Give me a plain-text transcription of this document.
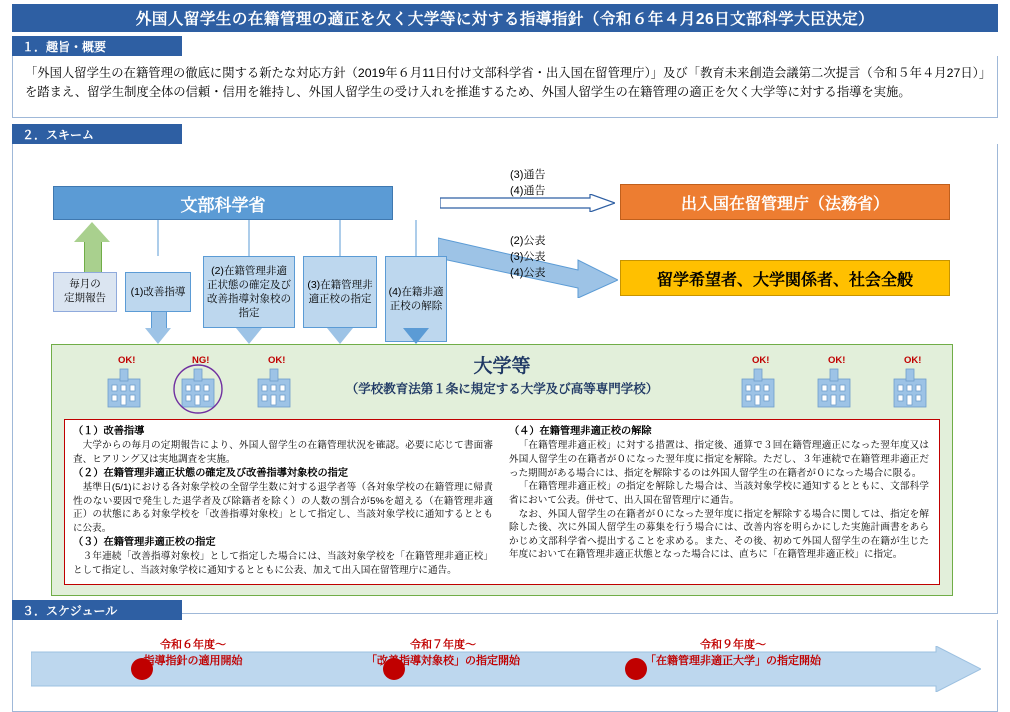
外国人留学生の在籍管理の適正を欠く大学等に対する指導指針（令和６年４月26日文部科学大臣決定）
１．趣旨・概要
「外国人留学生の在籍管理の徹底に関する新たな対応方針（2019年６月11日付け文部科学省・出入国在留管理庁）」及び「教育未来創造会議第二次提言（令和５年４月27日）」を踏まえ、留学生制度全体の信頼・信用を維持し、外国人留学生の受け入れを推進するため、外国人留学生の在籍管理の適正を欠く大学等に対する指導を実施。
２．スキーム
文部科学省	出入国在留管理庁（法務省）
留学希望者、大学関係者、社会全般
(3)通告
(4)通告
(2)公表
(3)公表
(4)公表
毎月の
定期報告
(1)改善指導
(2)在籍管理非適正状態の確定及び改善指導対象校の指定
(3)在籍管理非適正校の指定
(4)在籍非適正校の解除
大学等
（学校教育法第１条に規定する大学及び高等専門学校）
OK!	NG!	OK!	OK!	OK!	OK!
（１）改善指導
大学からの毎月の定期報告により、外国人留学生の在籍管理状況を確認。必要に応じて書面審査、ヒアリング又は実地調査を実施。
（２）在籍管理非適正状態の確定及び改善指導対象校の指定
基準日(5/1)における各対象学校の全留学生数に対する退学者等（各対象学校の在籍管理に帰責性のない要因で発生した退学者及び除籍者を除く）の人数の割合が5%を超える（在籍管理非適正）の状態にある対象学校を「改善指導対象校」として指定し、当該対象学校に通知するとともに公表。
（３）在籍管理非適正校の指定
３年連続「改善指導対象校」として指定した場合には、当該対象学校を「在籍管理非適正校」として指定し、当該対象学校に通知するとともに公表、加えて出入国在留管理庁に通告。
（４）在籍管理非適正校の解除
「在籍管理非適正校」に対する措置は、指定後、通算で３回在籍管理適正になった翌年度又は外国人留学生の在籍者が０になった翌年度に指定を解除。ただし、３年連続で在籍管理非適正だった期間がある場合には、指定を解除するのは外国人留学生の在籍者が０になった場合に限る。
「在籍管理非適正校」の指定を解除した場合は、当該対象学校に通知するとともに、文部科学省において公表。併せて、出入国在留管理庁に通告。
なお、外国人留学生の在籍者が０になった翌年度に指定を解除する場合に関しては、指定を解除した後、次に外国人留学生の募集を行う場合には、改善内容を明らかにした実施計画書をあらかじめ文部科学省へ提出することを求める。また、その後、初めて外国人留学生の在籍が生じた年度において在籍管理非適正状態となった場合には、直ちに「在籍管理非適正校」に指定。
３．スケジュール
令和６年度～
指導指針の適用開始
令和７年度～
「改善指導対象校」の指定開始
令和９年度～
「在籍管理非適正大学」の指定開始
